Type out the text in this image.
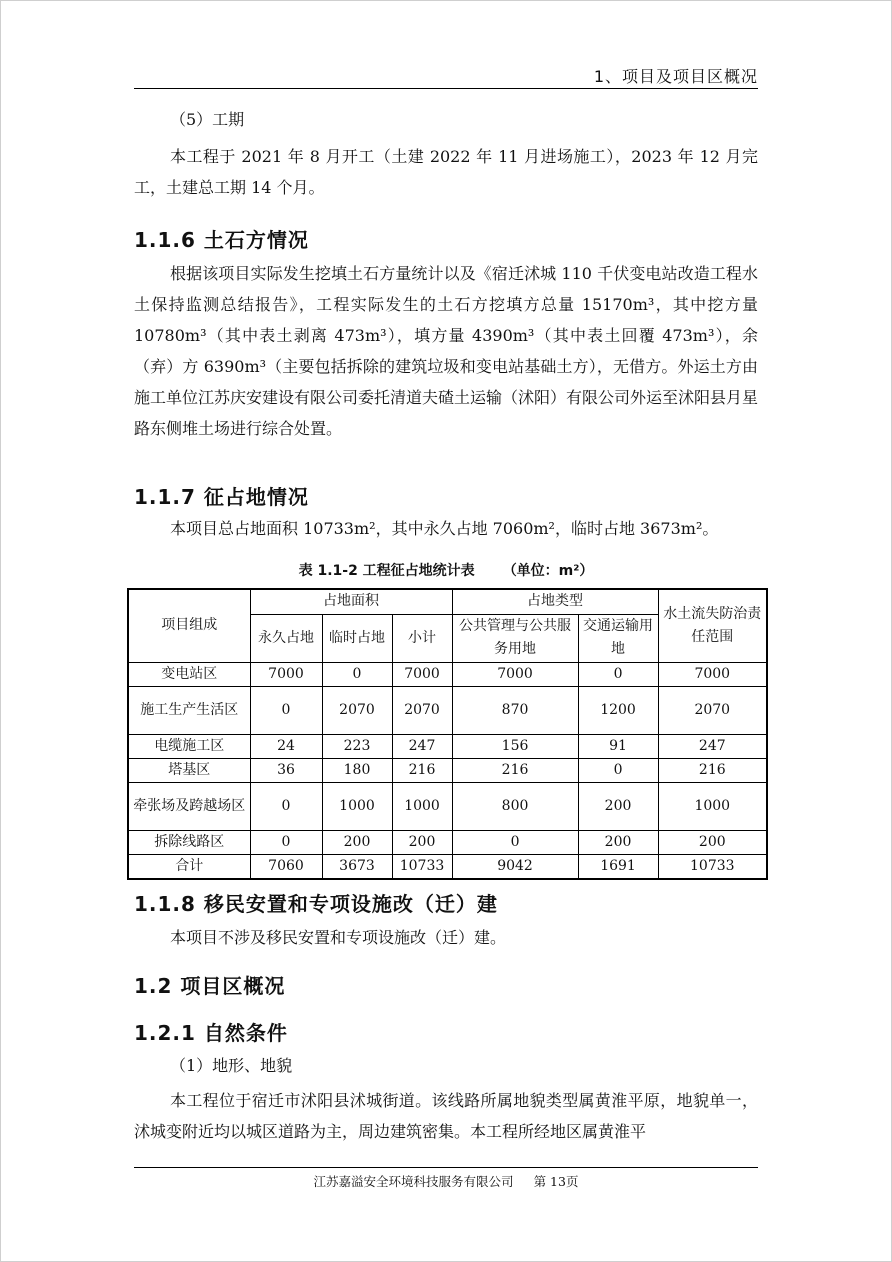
1、项目及项目区概况

（5）工期

本工程于 2021 年 8 月开工（土建 2022 年 11 月进场施工），2023 年 12 月完工，土建总工期 14 个月。

1.1.6 土石方情况

根据该项目实际发生挖填土石方量统计以及《宿迁沭城 110 千伏变电站改造工程水土保持监测总结报告》，工程实际发生的土石方挖填方总量 15170m³，其中挖方量 10780m³（其中表土剥离 473m³），填方量 4390m³（其中表土回覆 473m³），余（弃）方 6390m³（主要包括拆除的建筑垃圾和变电站基础土方），无借方。外运土方由施工单位江苏庆安建设有限公司委托清道夫碴土运输（沭阳）有限公司外运至沭阳县月星路东侧堆土场进行综合处置。

1.1.7 征占地情况

本项目总占地面积 10733m²，其中永久占地 7060m²，临时占地 3673m²。

表 1.1-2 工程征占地统计表 （单位：m²）
项目组成	占地面积			占地类型		水土流失防治责任范围
	永久占地	临时占地	小计	公共管理与公共服务用地	交通运输用地	
变电站区	7000	0	7000	7000	0	7000
施工生产生活区	0	2070	2070	870	1200	2070
电缆施工区	24	223	247	156	91	247
塔基区	36	180	216	216	0	216
牵张场及跨越场区	0	1000	1000	800	200	1000
拆除线路区	0	200	200	0	200	200
合计	7060	3673	10733	9042	1691	10733
1.1.8 移民安置和专项设施改（迁）建

本项目不涉及移民安置和专项设施改（迁）建。

1.2 项目区概况
1.2.1 自然条件

（1）地形、地貌

本工程位于宿迁市沭阳县沭城街道。该线路所属地貌类型属黄淮平原，地貌单一，沭城变附近均以城区道路为主，周边建筑密集。本工程所经地区属黄淮平

江苏嘉溢安全环境科技服务有限公司 第 13页
